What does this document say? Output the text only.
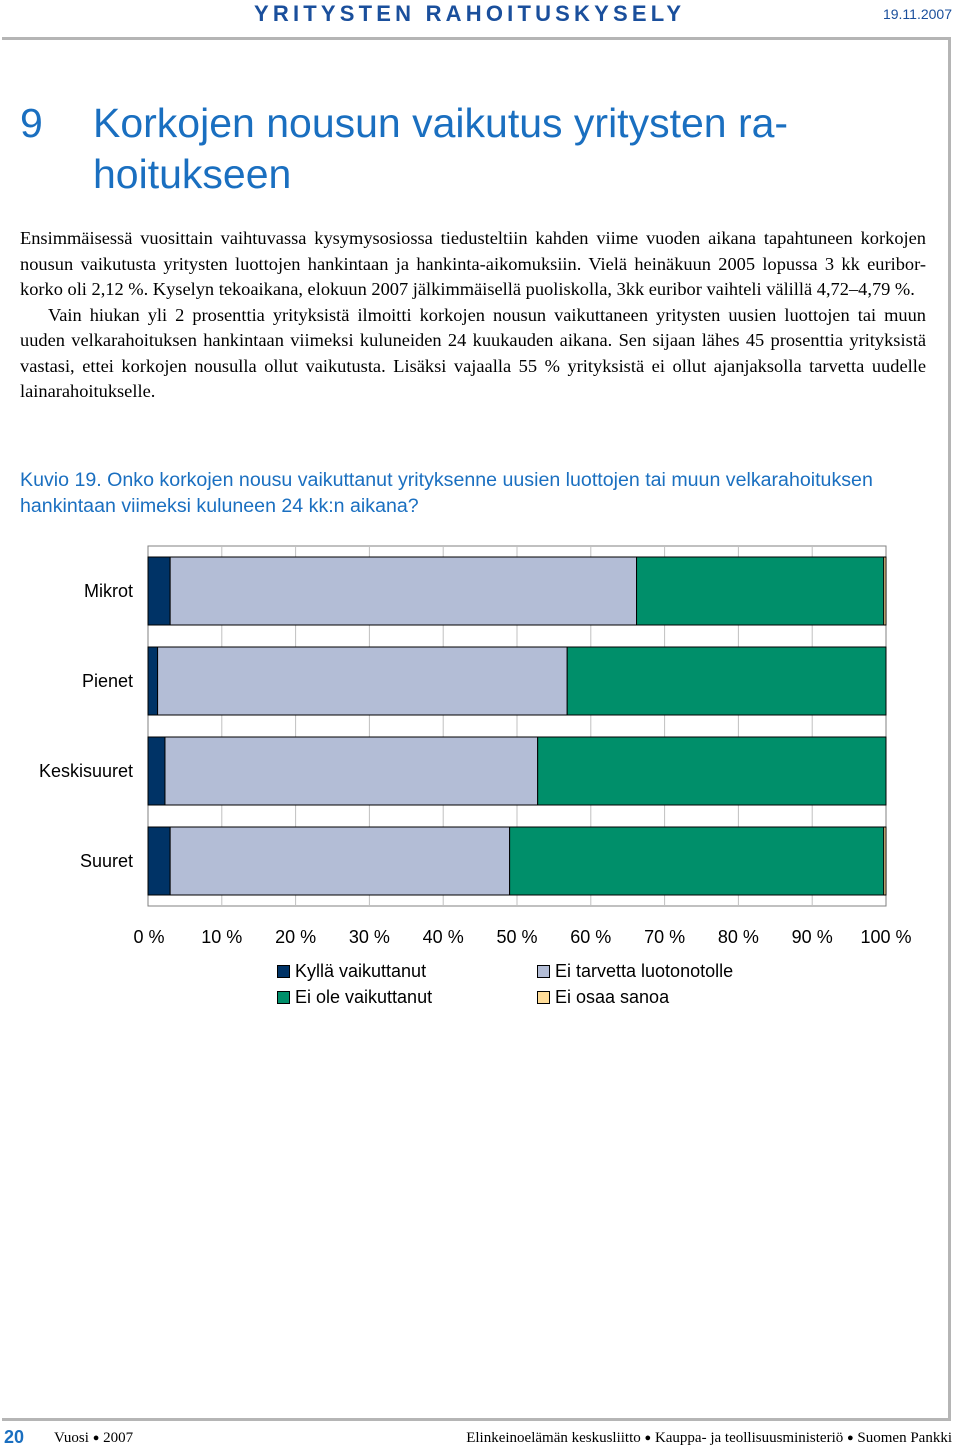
YRITYSTEN RAHOITUSKYSELY	19.11.2007
9 Korkojen nousun vaikutus yritysten ra-
hoitukseen

Ensimmäisessä vuosittain vaihtuvassa kysymysosiossa tiedusteltiin kahden viime vuoden aikana tapahtuneen korkojen nousun vaikutusta yritysten luottojen hankintaan ja hankinta-aikomuksiin. Vielä heinäkuun 2005 lopussa 3 kk euribor-korko oli 2,12 %. Kyselyn tekoaikana, elokuun 2007 jälkimmäisellä puoliskolla, 3kk euribor vaihteli välillä 4,72–4,79 %.

Vain hiukan yli 2 prosenttia yrityksistä ilmoitti korkojen nousun vaikuttaneen yritysten uusien luottojen tai muun uuden velkarahoituksen hankintaan viimeksi kuluneiden 24 kuukauden aikana. Sen sijaan lähes 45 prosenttia yrityksistä vastasi, ettei korkojen nousulla ollut vaikutusta. Lisäksi vajaalla 55 % yrityksistä ei ollut ajanjaksolla tarvetta uudelle lainarahoitukselle.

Kuvio 19. Onko korkojen nousu vaikuttanut yrityksenne uusien luottojen tai muun velkarahoituksen hankintaan viimeksi kuluneen 24 kk:n aikana?
Mikrot
Pienet
Keskisuuret
Suuret
0 % 10 % 20 % 30 % 40 % 50 % 60 % 70 % 80 % 90 % 100 %
Kyllä vaikuttanut	Ei tarvetta luotonotolle
Ei ole vaikuttanut	Ei osaa sanoa
20 Vuosi ● 2007	Elinkeinoelämän keskusliitto ● Kauppa- ja teollisuusministeriö ● Suomen Pankki
